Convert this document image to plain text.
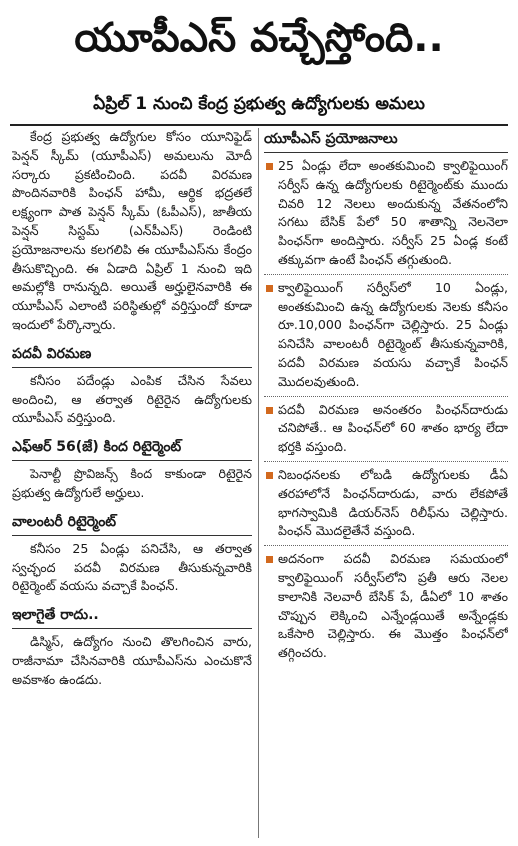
యూపీఎస్‌ వచ్చేస్తోంది..
ఏప్రిల్‌ 1 నుంచి కేంద్ర ప్రభుత్వ ఉద్యోగులకు అమలు

కేంద్ర ప్రభుత్వ ఉద్యోగుల కోసం యూనిఫైడ్‌ పెన్షన్‌ స్కీమ్‌ (యూపీఎస్‌) అమలును మోదీ సర్కారు ప్రకటించింది. పదవీ విరమణ పొందినవారికి పింఛన్‌ హామీ, ఆర్థిక భద్రతలే లక్ష్యంగా పాత పెన్షన్‌ స్కీమ్‌ (ఓపీఎస్‌), జాతీయ పెన్షన్‌ సిస్టమ్‌ (ఎన్‌పీఎస్‌) రెండింటి ప్రయోజనాలను కలగలిపి ఈ యూపీఎస్‌ను కేంద్రం తీసుకొచ్చింది. ఈ ఏడాది ఏప్రిల్‌ 1 నుంచి ఇది అమల్లోకి రానున్నది. అయితే అర్హులైనవారికి ఈ యూపీఎస్‌ ఎలాంటి పరిస్థితుల్లో వర్తిస్తుందో కూడా ఇందులో పేర్కొన్నారు.

పదవీ విరమణ

కనీసం పదేండ్లు ఎంపిక చేసిన సేవలు అందించి, ఆ తర్వాత రిటైరైన ఉద్యోగులకు యూపీఎస్‌ వర్తిస్తుంది.

ఎఫ్‌ఆర్‌ 56(జే) కింద రిటైర్మెంట్‌

పెనాల్టీ ప్రొవిజన్స్‌ కింద కాకుండా రిటైరైన ప్రభుత్వ ఉద్యోగులే అర్హులు.

వాలంటరీ రిటైర్మెంట్‌

కనీసం 25 ఏండ్లు పనిచేసి, ఆ తర్వాత స్వచ్ఛంద పదవీ విరమణ తీసుకున్నవారికి రిటైర్మెంట్‌ వయసు వచ్చాకే పింఛన్‌.

ఇలాగైతే రాదు..

డిస్మిస్‌, ఉద్యోగం నుంచి తొలగించిన వారు, రాజీనామా చేసినవారికి యూపీఎస్‌ను ఎంచుకొనే అవకాశం ఉండదు.

యూపీఎస్‌ ప్రయోజనాలు
25 ఏండ్లు లేదా అంతకుమించి క్వాలిఫైయింగ్‌ సర్వీస్‌ ఉన్న ఉద్యోగులకు రిటైర్మెంట్‌కు ముందు చివరి 12 నెలలు అందుకున్న వేతనంలోని సగటు బేసిక్‌ పేలో 50 శాతాన్ని నెలనెలా పింఛన్‌గా అందిస్తారు. సర్వీస్‌ 25 ఏండ్ల కంటే తక్కువగా ఉంటే పింఛన్‌ తగ్గుతుంది.
క్వాలిఫైయింగ్‌ సర్వీస్‌లో 10 ఏండ్లు, అంతకుమించి ఉన్న ఉద్యోగులకు నెలకు కనీసం రూ.10,000 పింఛన్‌గా చెల్లిస్తారు. 25 ఏండ్లు పనిచేసి వాలంటరీ రిటైర్మెంట్‌ తీసుకున్నవారికి, పదవీ విరమణ వయసు వచ్చాకే పింఛన్‌ మొదలవుతుంది.
పదవీ విరమణ అనంతరం పింఛన్‌దారుడు చనిపోతే.. ఆ పింఛన్‌లో 60 శాతం భార్య లేదా భర్తకి వస్తుంది.
నిబంధనలకు లోబడి ఉద్యోగులకు డీఏ తరహాలోనే పింఛన్‌దారుడు, వారు లేకపోతే భాగస్వామికి డియర్‌నెస్‌ రిలీఫ్‌ను చెల్లిస్తారు. పింఛన్‌ మొదలైతేనే వస్తుంది.
అదనంగా పదవీ విరమణ సమయంలో క్వాలిఫైయింగ్‌ సర్వీస్‌లోని ప్రతీ ఆరు నెలల కాలానికి నెలవారీ బేసిక్‌ పే, డీఏలో 10 శాతం చొప్పున లెక్కించి ఎన్నేండ్లయితే అన్నేండ్లకు ఒకేసారి చెల్లిస్తారు. ఈ మొత్తం పింఛన్‌లో తగ్గించరు.
